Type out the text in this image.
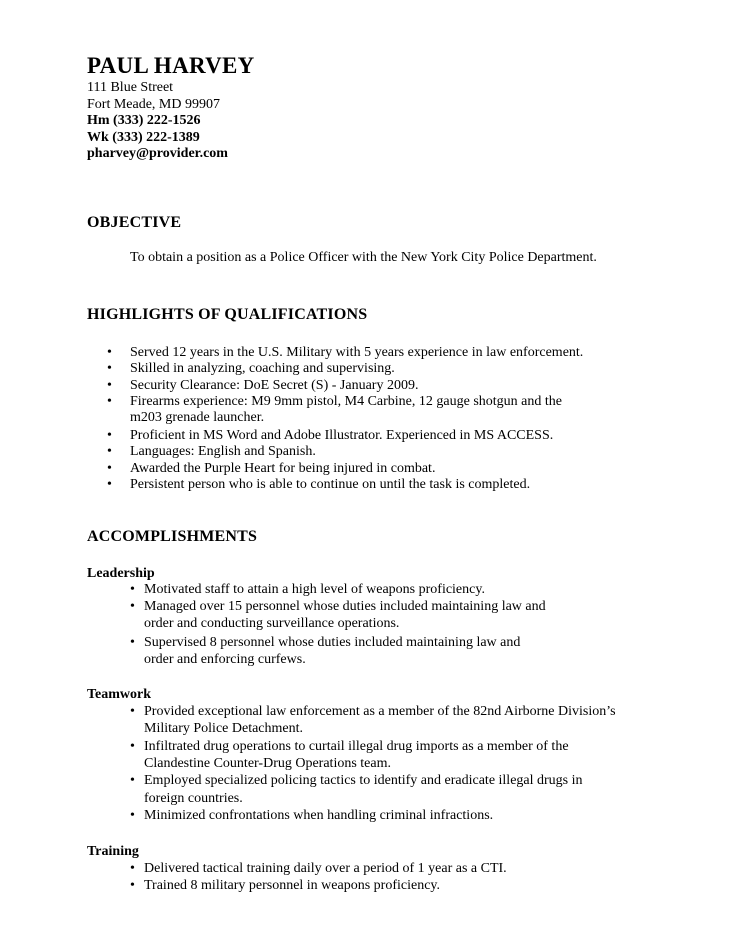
PAUL HARVEY
111 Blue Street
Fort Meade, MD 99907
Hm (333) 222-1526
Wk (333) 222-1389
pharvey@provider.com
OBJECTIVE
To obtain a position as a Police Officer with the New York City Police Department.
HIGHLIGHTS OF QUALIFICATIONS
• Served 12 years in the U.S. Military with 5 years experience in law enforcement.
• Skilled in analyzing, coaching and supervising.
• Security Clearance: DoE Secret (S) - January 2009.
• Firearms experience: M9 9mm pistol, M4 Carbine, 12 gauge shotgun and the
m203 grenade launcher.
• Proficient in MS Word and Adobe Illustrator. Experienced in MS ACCESS.
• Languages: English and Spanish.
• Awarded the Purple Heart for being injured in combat.
• Persistent person who is able to continue on until the task is completed.
ACCOMPLISHMENTS
Leadership
• Motivated staff to attain a high level of weapons proficiency.
• Managed over 15 personnel whose duties included maintaining law and
order and conducting surveillance operations.
• Supervised 8 personnel whose duties included maintaining law and
order and enforcing curfews.
Teamwork
• Provided exceptional law enforcement as a member of the 82nd Airborne Division’s
Military Police Detachment.
• Infiltrated drug operations to curtail illegal drug imports as a member of the
Clandestine Counter-Drug Operations team.
• Employed specialized policing tactics to identify and eradicate illegal drugs in
foreign countries.
• Minimized confrontations when handling criminal infractions.
Training
• Delivered tactical training daily over a period of 1 year as a CTI.
• Trained 8 military personnel in weapons proficiency.
